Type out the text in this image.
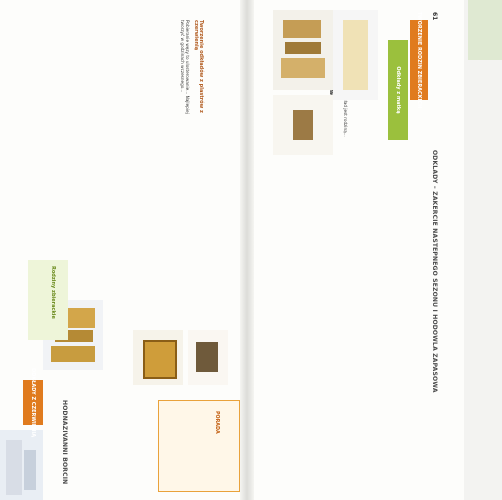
HODNAZIVANNI BORCIN
ODKLADY – ZAKERCIE NASTEPNEGO SEZONU I HODOWLA ZAPASOWA
61
ODKŁADY Z CZERWIENIĄ
Rodziny zbierackie

Tworzenie odkładów z plastrów z czerwienią

Pobieranie węzy to ulosterowanie... Najlepiej tworzyć w godzinach wczesnego...

PORADA

Odkłady z matką	TWORZENIE RODZIN ZBIERACKICH
